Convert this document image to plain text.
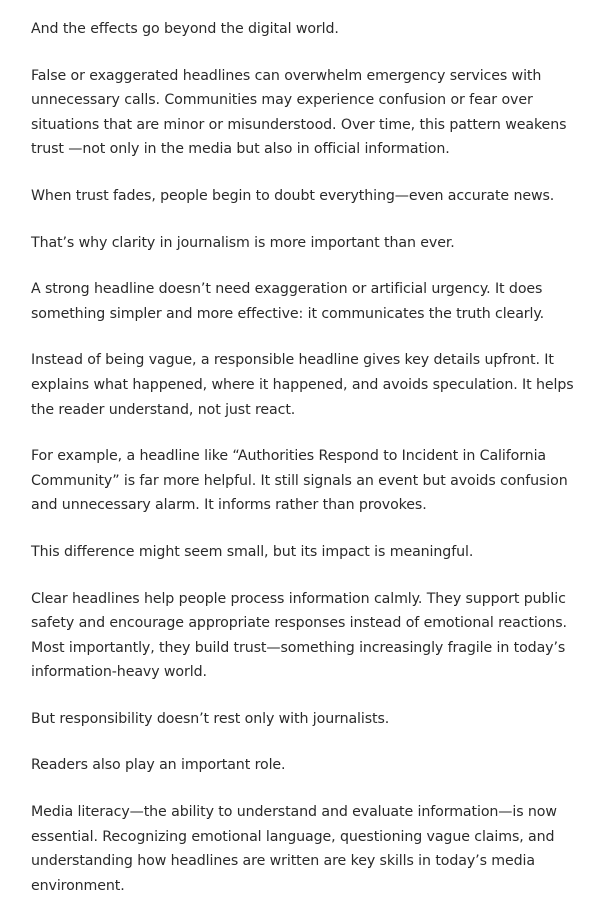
And the effects go beyond the digital world.

False or exaggerated headlines can overwhelm emergency services with unnecessary calls. Communities may experience confusion or fear over situations that are minor or misunderstood. Over time, this pattern weakens trust —not only in the media but also in official information.

When trust fades, people begin to doubt everything—even accurate news.

That’s why clarity in journalism is more important than ever.

A strong headline doesn’t need exaggeration or artificial urgency. It does something simpler and more effective: it communicates the truth clearly.

Instead of being vague, a responsible headline gives key details upfront. It explains what happened, where it happened, and avoids speculation. It helps the reader understand, not just react.

For example, a headline like “Authorities Respond to Incident in California Community” is far more helpful. It still signals an event but avoids confusion and unnecessary alarm. It informs rather than provokes.

This difference might seem small, but its impact is meaningful.

Clear headlines help people process information calmly. They support public safety and encourage appropriate responses instead of emotional reactions. Most importantly, they build trust—something increasingly fragile in today’s information-heavy world.

But responsibility doesn’t rest only with journalists.

Readers also play an important role.

Media literacy—the ability to understand and evaluate information—is now essential. Recognizing emotional language, questioning vague claims, and understanding how headlines are written are key skills in today’s media environment.
